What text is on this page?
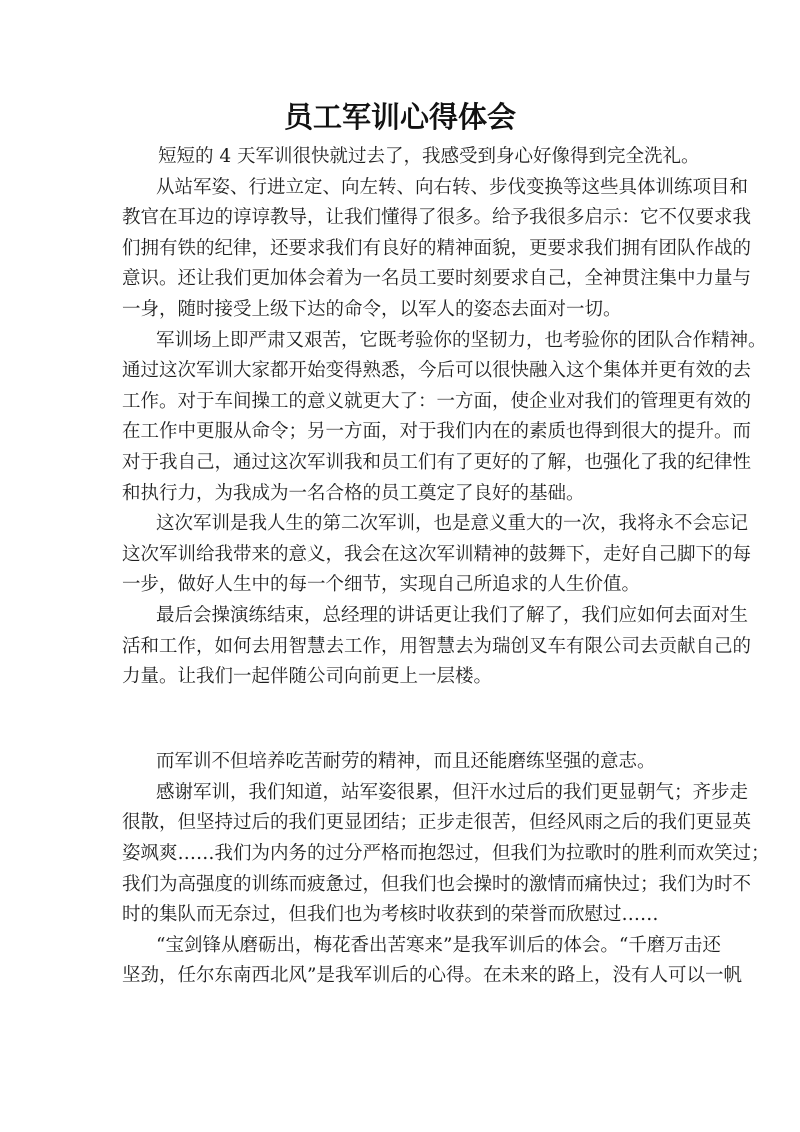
员工军训心得体会
短短的 4 天军训很快就过去了，我感受到身心好像得到完全洗礼。
从站军姿、行进立定、向左转、向右转、步伐变换等这些具体训练项目和
教官在耳边的谆谆教导，让我们懂得了很多。给予我很多启示：它不仅要求我
们拥有铁的纪律，还要求我们有良好的精神面貌，更要求我们拥有团队作战的
意识。还让我们更加体会着为一名员工要时刻要求自己，全神贯注集中力量与
一身，随时接受上级下达的命令，以军人的姿态去面对一切。
军训场上即严肃又艰苦，它既考验你的坚韧力，也考验你的团队合作精神。
通过这次军训大家都开始变得熟悉，今后可以很快融入这个集体并更有效的去
工作。对于车间操工的意义就更大了：一方面，使企业对我们的管理更有效的
在工作中更服从命令；另一方面，对于我们内在的素质也得到很大的提升。而
对于我自己，通过这次军训我和员工们有了更好的了解，也强化了我的纪律性
和执行力，为我成为一名合格的员工奠定了良好的基础。
这次军训是我人生的第二次军训，也是意义重大的一次，我将永不会忘记
这次军训给我带来的意义，我会在这次军训精神的鼓舞下，走好自己脚下的每
一步，做好人生中的每一个细节，实现自己所追求的人生价值。
最后会操演练结束，总经理的讲话更让我们了解了，我们应如何去面对生
活和工作，如何去用智慧去工作，用智慧去为瑞创叉车有限公司去贡献自己的
力量。让我们一起伴随公司向前更上一层楼。
而军训不但培养吃苦耐劳的精神，而且还能磨练坚强的意志。
感谢军训，我们知道，站军姿很累，但汗水过后的我们更显朝气；齐步走
很散，但坚持过后的我们更显团结；正步走很苦，但经风雨之后的我们更显英
姿飒爽……我们为内务的过分严格而抱怨过，但我们为拉歌时的胜利而欢笑过；
我们为高强度的训练而疲惫过，但我们也会操时的激情而痛快过；我们为时不
时的集队而无奈过，但我们也为考核时收获到的荣誉而欣慰过……
“宝剑锋从磨砺出，梅花香出苦寒来”是我军训后的体会。“千磨万击还
坚劲，任尔东南西北风”是我军训后的心得。在未来的路上，没有人可以一帆
